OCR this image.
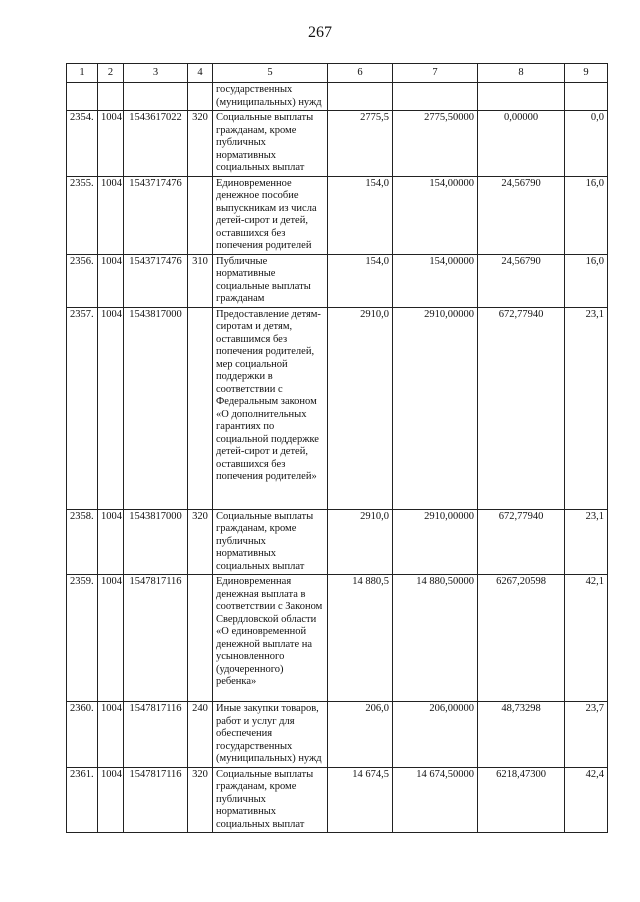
267
1	2	3	4	5	6	7	8	9
				государственных (муниципальных) нужд				
2354.	1004	1543617022	320	Социальные выплаты гражданам, кроме публичных нормативных социальных выплат	2775,5	2775,50000	0,00000	0,0
2355.	1004	1543717476		Единовременное денежное пособие выпускникам из числа детей-сирот и детей, оставшихся без попечения родителей	154,0	154,00000	24,56790	16,0
2356.	1004	1543717476	310	Публичные нормативные социальные выплаты гражданам	154,0	154,00000	24,56790	16,0
2357.	1004	1543817000		Предоставление детям-сиротам и детям, оставшимся без попечения родителей, мер социальной поддержки в соответствии с Федеральным законом «О дополнительных гарантиях по социальной поддержке детей-сирот и детей, оставшихся без попечения родителей»	2910,0	2910,00000	672,77940	23,1
2358.	1004	1543817000	320	Социальные выплаты гражданам, кроме публичных нормативных социальных выплат	2910,0	2910,00000	672,77940	23,1
2359.	1004	1547817116		Единовременная денежная выплата в соответствии с Законом Свердловской области «О единовременной денежной выплате на усыновленного (удочеренного) ребенка»	14 880,5	14 880,50000	6267,20598	42,1
2360.	1004	1547817116	240	Иные закупки товаров, работ и услуг для обеспечения государственных (муниципальных) нужд	206,0	206,00000	48,73298	23,7
2361.	1004	1547817116	320	Социальные выплаты гражданам, кроме публичных нормативных социальных выплат	14 674,5	14 674,50000	6218,47300	42,4
